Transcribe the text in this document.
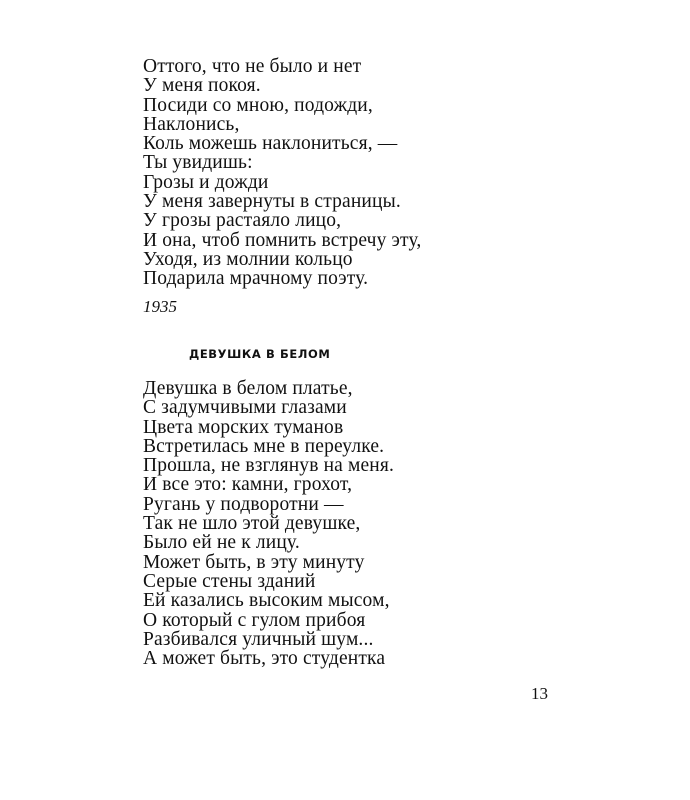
Оттого, что не было и нет
У меня покоя.
Посиди со мною, подожди,
Наклонись,
Коль можешь наклониться, —
Ты увидишь:
Грозы и дожди
У меня завернуты в страницы.
У грозы растаяло лицо,
И она, чтоб помнить встречу эту,
Уходя, из молнии кольцо
Подарила мрачному поэту.
1935
ДЕВУШКА В БЕЛОМ
Девушка в белом платье,
С задумчивыми глазами
Цвета морских туманов
Встретилась мне в переулке.
Прошла, не взглянув на меня.
И все это: камни, грохот,
Ругань у подворотни —
Так не шло этой девушке,
Было ей не к лицу.
Может быть, в эту минуту
Серые стены зданий
Ей казались высоким мысом,
О который с гулом прибоя
Разбивался уличный шум...
А может быть, это студентка
13
